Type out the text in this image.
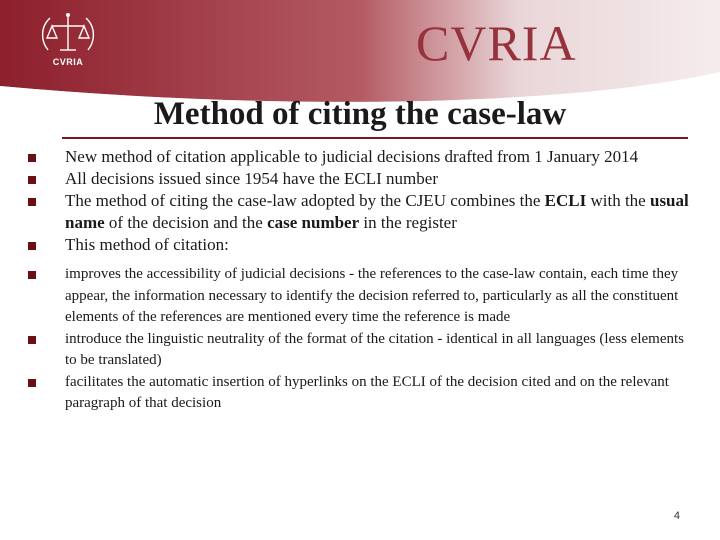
CVRIA	CVRIA
Method of citing the case-law
New method of citation applicable to judicial decisions drafted from 1 January 2014
All decisions issued since 1954 have the ECLI number
The method of citing the case-law adopted by the CJEU combines the ECLI with the usual name of the decision and the case number in the register
This method of citation:
improves the accessibility of judicial decisions - the references to the case-law contain, each time they appear, the information necessary to identify the decision referred to, particularly as all the constituent elements of the references are mentioned every time the reference is made
introduce the linguistic neutrality of the format of the citation - identical in all languages (less elements to be translated)
facilitates the automatic insertion of hyperlinks on the ECLI of the decision cited and on the relevant paragraph of that decision
4
